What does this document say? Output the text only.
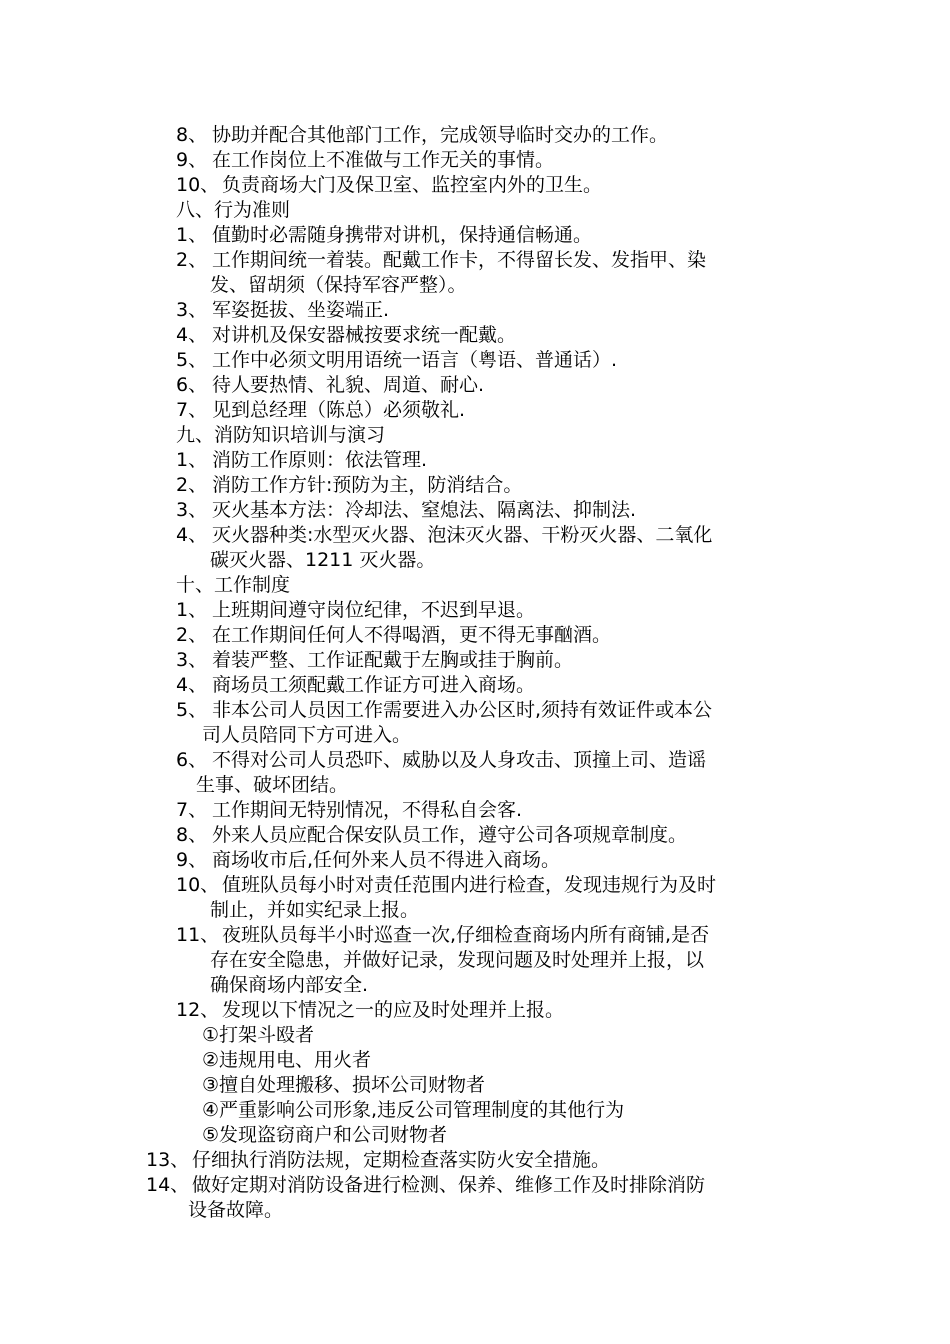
8、 协助并配合其他部门工作，完成领导临时交办的工作。
9、 在工作岗位上不准做与工作无关的事情。
10、 负责商场大门及保卫室、监控室内外的卫生。
八、行为准则
1、 值勤时必需随身携带对讲机，保持通信畅通。
2、 工作期间统一着装。配戴工作卡，不得留长发、发指甲、染
发、留胡须（保持军容严整）。
3、 军姿挺拔、坐姿端正.
4、 对讲机及保安器械按要求统一配戴。
5、 工作中必须文明用语统一语言（粤语、普通话）.
6、 待人要热情、礼貌、周道、耐心.
7、 见到总经理（陈总）必须敬礼.
九、消防知识培训与演习
1、 消防工作原则：依法管理.
2、 消防工作方针:预防为主，防消结合。
3、 灭火基本方法：冷却法、窒熄法、隔离法、抑制法.
4、 灭火器种类:水型灭火器、泡沫灭火器、干粉灭火器、二氧化
碳灭火器、1211 灭火器。
十、工作制度
1、 上班期间遵守岗位纪律，不迟到早退。
2、 在工作期间任何人不得喝酒，更不得无事酗酒。
3、 着装严整、工作证配戴于左胸或挂于胸前。
4、 商场员工须配戴工作证方可进入商场。
5、 非本公司人员因工作需要进入办公区时,须持有效证件或本公
司人员陪同下方可进入。
6、 不得对公司人员恐吓、威胁以及人身攻击、顶撞上司、造谣
生事、破坏团结。
7、 工作期间无特别情况，不得私自会客.
8、 外来人员应配合保安队员工作，遵守公司各项规章制度。
9、 商场收市后,任何外来人员不得进入商场。
10、 值班队员每小时对责任范围内进行检查，发现违规行为及时
制止，并如实纪录上报。
11、 夜班队员每半小时巡查一次,仔细检查商场内所有商铺,是否
存在安全隐患，并做好记录，发现问题及时处理并上报，以
确保商场内部安全.
12、 发现以下情况之一的应及时处理并上报。
①打架斗殴者
②违规用电、用火者
③擅自处理搬移、损坏公司财物者
④严重影响公司形象,违反公司管理制度的其他行为
⑤发现盗窃商户和公司财物者
13、 仔细执行消防法规，定期检查落实防火安全措施。
14、 做好定期对消防设备进行检测、保养、维修工作及时排除消防
设备故障。
